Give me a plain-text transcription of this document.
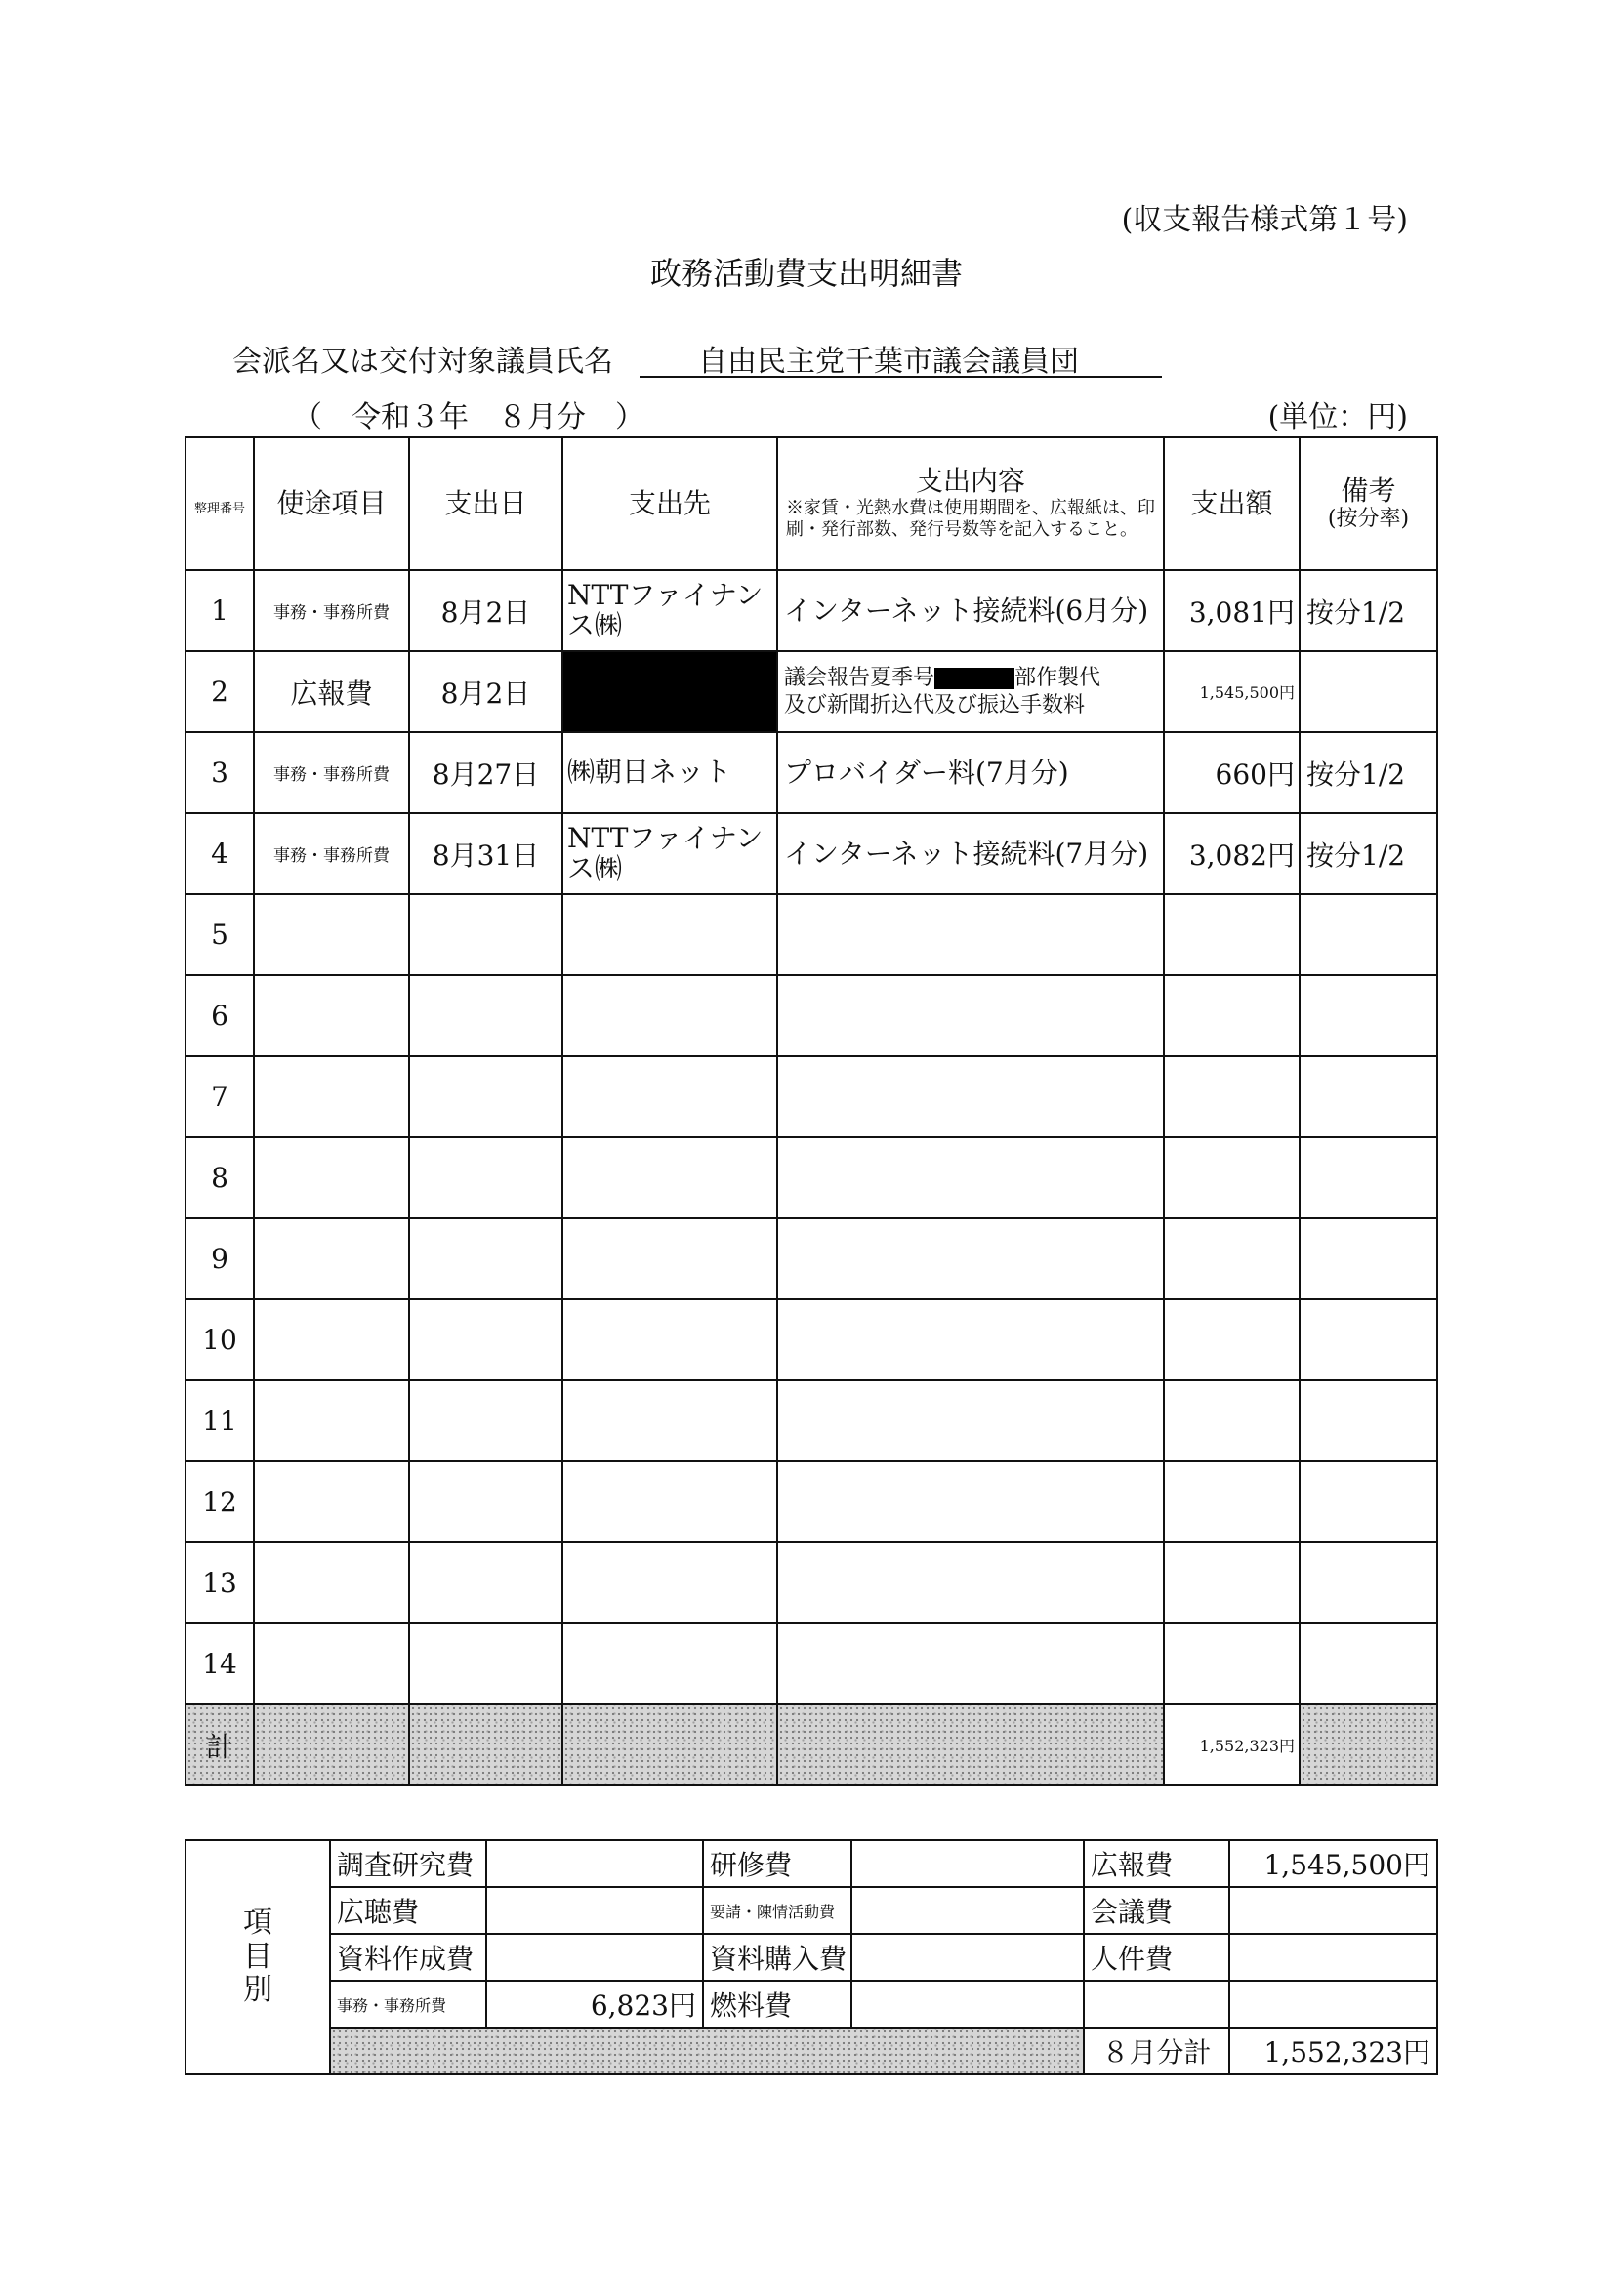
(収支報告様式第１号)
政務活動費支出明細書
会派名又は交付対象議員氏名	自由民主党千葉市議会議員団
（　令和３年　８月分　）	(単位：円)
整理番号	使途項目	支出日	支出先	支出内容
※家賃・光熱水費は使用期間を、広報紙は、印刷・発行部数、発行号数等を記入すること。	支出額	備考
(按分率)

1	事務・事務所費	8月2日	NTTファイナンス㈱	インターネット接続料(6月分)	3,081円	按分1/2
2	広報費	8月2日		議会報告夏季号 部作製代
及び新聞折込代及び振込手数料	1,545,500円	
3	事務・事務所費	8月27日	㈱朝日ネット	プロバイダー料(7月分)	660円	按分1/2
4	事務・事務所費	8月31日	NTTファイナンス㈱	インターネット接続料(7月分)	3,082円	按分1/2
5						
6						
7						
8						
9						
10						
11						
12						
13						
14						
計					1,552,323円	
項
目
別	調査研究費		研修費		広報費	1,545,500円
	広聴費		要請・陳情活動費		会議費	
	資料作成費		資料購入費		人件費	
	事務・事務所費	6,823円	燃料費			
					８月分計	1,552,323円
